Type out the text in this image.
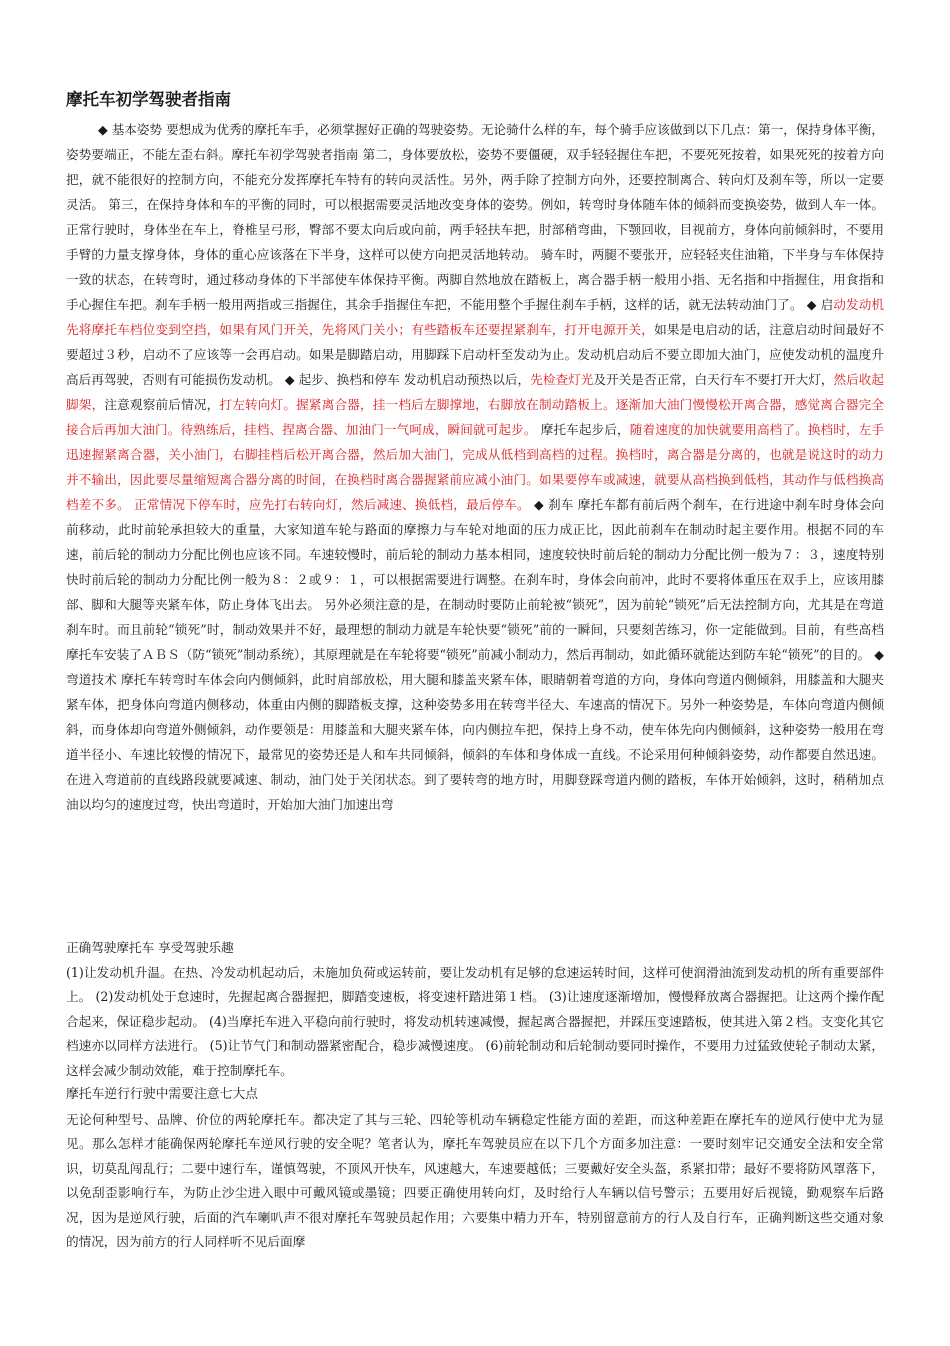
摩托车初学驾驶者指南

◆ 基本姿势 要想成为优秀的摩托车手，必须掌握好正确的驾驶姿势。无论骑什么样的车，每个骑手应该做到以下几点：第一，保持身体平衡，姿势要端正，不能左歪右斜。摩托车初学驾驶者指南 第二，身体要放松，姿势不要僵硬，双手轻轻握住车把，不要死死按着，如果死死的按着方向把，就不能很好的控制方向，不能充分发挥摩托车特有的转向灵活性。另外，两手除了控制方向外，还要控制离合、转向灯及刹车等，所以一定要灵活。 第三，在保持身体和车的平衡的同时，可以根据需要灵活地改变身体的姿势。例如，转弯时身体随车体的倾斜而变换姿势，做到人车一体。 正常行驶时，身体坐在车上，脊椎呈弓形，臀部不要太向后或向前，两手轻扶车把，肘部稍弯曲，下颚回收，目视前方，身体向前倾斜时，不要用手臂的力量支撑身体，身体的重心应该落在下半身，这样可以使方向把灵活地转动。 骑车时，两腿不要张开，应轻轻夹住油箱，下半身与车体保持一致的状态，在转弯时，通过移动身体的下半部使车体保持平衡。两脚自然地放在踏板上，离合器手柄一般用小指、无名指和中指握住，用食指和手心握住车把。刹车手柄一般用两指或三指握住，其余手指握住车把，不能用整个手握住刹车手柄，这样的话，就无法转动油门了。 ◆ 启动发动机 先将摩托车档位变到空挡，如果有风门开关，先将风门关小；有些踏板车还要捏紧刹车，打开电源开关，如果是电启动的话，注意启动时间最好不要超过３秒，启动不了应该等一会再启动。如果是脚踏启动，用脚踩下启动杆至发动为止。发动机启动后不要立即加大油门，应使发动机的温度升高后再驾驶，否则有可能损伤发动机。 ◆ 起步、换档和停车 发动机启动预热以后，先检查灯光及开关是否正常，白天行车不要打开大灯，然后收起脚架，注意观察前后情况，打左转向灯。握紧离合器，挂一档后左脚撑地，右脚放在制动踏板上。逐渐加大油门慢慢松开离合器，感觉离合器完全接合后再加大油门。待熟练后，挂档、捏离合器、加油门一气呵成，瞬间就可起步。 摩托车起步后，随着速度的加快就要用高档了。换档时，左手迅速握紧离合器，关小油门，右脚挂档后松开离合器，然后加大油门，完成从低档到高档的过程。换档时，离合器是分离的，也就是说这时的动力并不输出，因此要尽量缩短离合器分离的时间，在换档时离合器握紧前应减小油门。如果要停车或减速，就要从高档换到低档，其动作与低档换高档差不多。 正常情况下停车时，应先打右转向灯，然后减速、换低档，最后停车。 ◆ 刹车 摩托车都有前后两个刹车，在行进途中刹车时身体会向前移动，此时前轮承担较大的重量，大家知道车轮与路面的摩擦力与车轮对地面的压力成正比，因此前刹车在制动时起主要作用。根据不同的车速，前后轮的制动力分配比例也应该不同。车速较慢时，前后轮的制动力基本相同，速度较快时前后轮的制动力分配比例一般为７：３，速度特别快时前后轮的制动力分配比例一般为８：２或９：１，可以根据需要进行调整。在刹车时，身体会向前冲，此时不要将体重压在双手上，应该用膝部、脚和大腿等夹紧车体，防止身体飞出去。 另外必须注意的是，在制动时要防止前轮被“锁死”，因为前轮“锁死”后无法控制方向，尤其是在弯道刹车时。而且前轮“锁死”时，制动效果并不好，最理想的制动力就是车轮快要“锁死”前的一瞬间，只要刻苦练习，你一定能做到。目前，有些高档摩托车安装了ＡＢＳ（防“锁死”制动系统），其原理就是在车轮将要“锁死”前减小制动力，然后再制动，如此循环就能达到防车轮“锁死”的目的。 ◆ 弯道技术 摩托车转弯时车体会向内侧倾斜，此时肩部放松，用大腿和膝盖夹紧车体，眼睛朝着弯道的方向，身体向弯道内侧倾斜，用膝盖和大腿夹紧车体，把身体向弯道内侧移动，体重由内侧的脚踏板支撑，这种姿势多用在转弯半径大、车速高的情况下。另外一种姿势是，车体向弯道内侧倾斜，而身体却向弯道外侧倾斜，动作要领是：用膝盖和大腿夹紧车体，向内侧拉车把，保持上身不动，使车体先向内侧倾斜，这种姿势一般用在弯道半径小、车速比较慢的情况下，最常见的姿势还是人和车共同倾斜，倾斜的车体和身体成一直线。不论采用何种倾斜姿势，动作都要自然迅速。 在进入弯道前的直线路段就要减速、制动，油门处于关闭状态。到了要转弯的地方时，用脚登踩弯道内侧的踏板，车体开始倾斜，这时，稍稍加点油以均匀的速度过弯，快出弯道时，开始加大油门加速出弯

正确驾驶摩托车 享受驾驶乐趣

(1)让发动机升温。在热、冷发动机起动后，未施加负荷或运转前，要让发动机有足够的怠速运转时间，这样可使润滑油流到发动机的所有重要部件上。 (2)发动机处于怠速时，先握起离合器握把，脚踏变速板，将变速杆踏进第１档。 (3)让速度逐渐增加，慢慢释放离合器握把。让这两个操作配合起来，保证稳步起动。 (4)当摩托车进入平稳向前行驶时，将发动机转速减慢，握起离合器握把，并踩压变速踏板，使其进入第２档。支变化其它档速亦以同样方法进行。 (5)让节气门和制动器紧密配合，稳步减慢速度。 (6)前轮制动和后轮制动要同时操作，不要用力过猛致使轮子制动太紧，这样会减少制动效能，难于控制摩托车。

摩托车逆行行驶中需要注意七大点

无论何种型号、品牌、价位的两轮摩托车。都决定了其与三轮、四轮等机动车辆稳定性能方面的差距，而这种差距在摩托车的逆风行使中尤为显见。那么怎样才能确保两轮摩托车逆风行驶的安全呢？笔者认为，摩托车驾驶员应在以下几个方面多加注意：一要时刻牢记交通安全法和安全常识，切莫乱闯乱行；二要中速行车，谨慎驾驶，不顶风开快车，风速越大，车速要越低；三要戴好安全头盔，系紧扣带；最好不要将防风罩落下，以免刮歪影响行车，为防止沙尘进入眼中可戴风镜或墨镜；四要正确使用转向灯，及时给行人车辆以信号警示；五要用好后视镜，勤观察车后路况，因为是逆风行驶，后面的汽车喇叭声不很对摩托车驾驶员起作用；六要集中精力开车，特别留意前方的行人及自行车，正确判断这些交通对象的情况，因为前方的行人同样听不见后面摩
